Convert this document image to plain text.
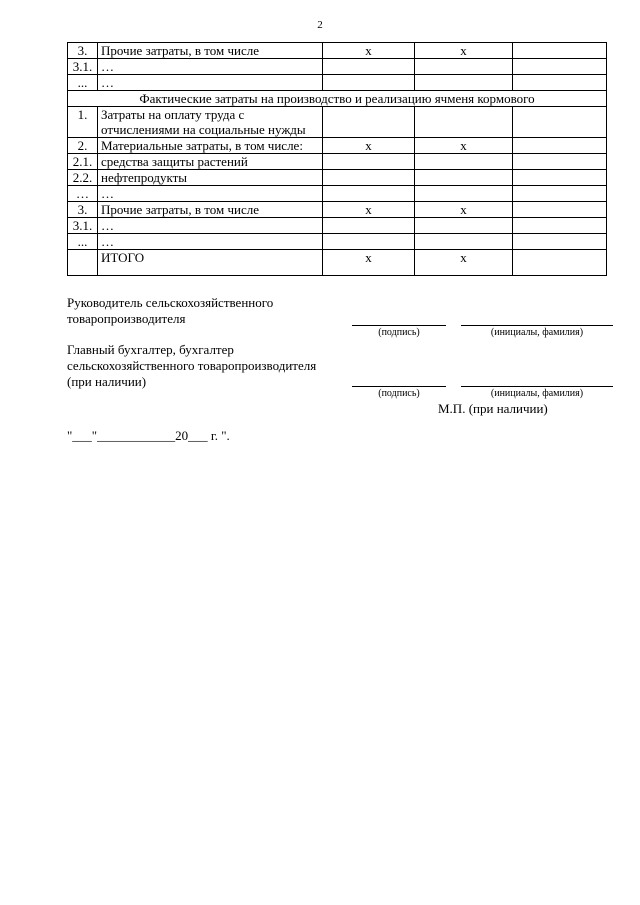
2
3.	Прочие затраты, в том числе	x	x	
3.1.	…			
...	…			
Фактические затраты на производство и реализацию ячменя кормового				
1.	Затраты на оплату труда с отчислениями на социальные нужды			
2.	Материальные затраты, в том числе:	x	x	
2.1.	средства защиты растений			
2.2.	нефтепродукты			
…	…			
3.	Прочие затраты, в том числе	x	x	
3.1.	…			
...	…			
	ИТОГО	x	x	
Руководитель сельскохозяйственного
товаропроизводителя
(подпись)	(инициалы, фамилия)
Главный бухгалтер, бухгалтер
сельскохозяйственного товаропроизводителя
(при наличии)
(подпись)	(инициалы, фамилия)
М.П. (при наличии)
"___"____________20___ г. ".
